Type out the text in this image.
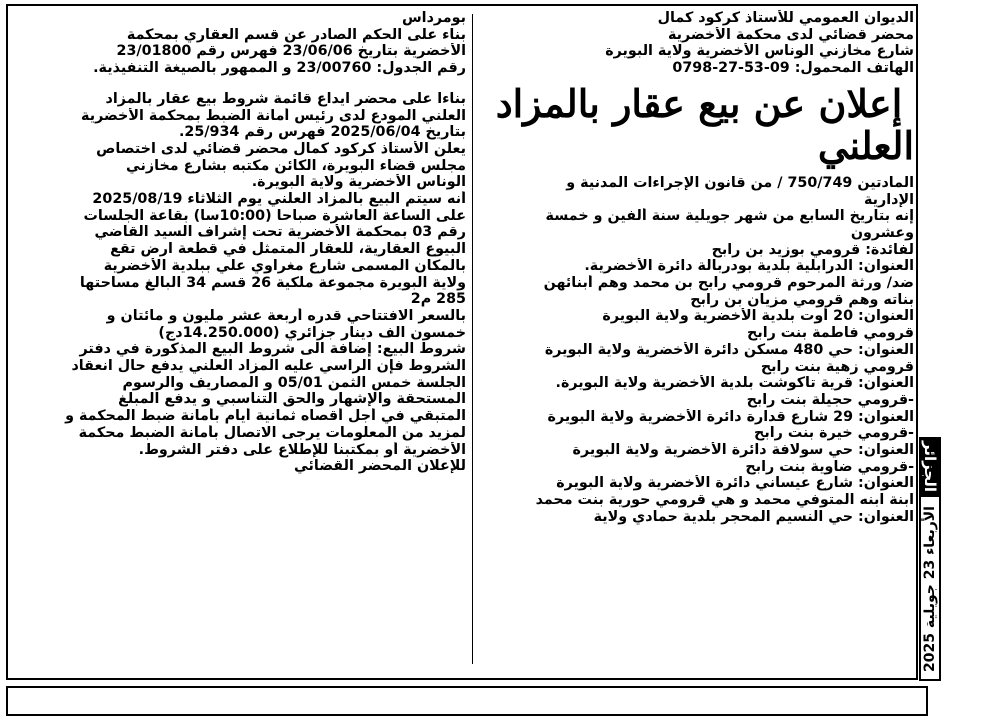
الديوان العمومي للأستاذ كركود كمال
محضر قضائي لدى محكمة الأخضرية
شارع مخازني الوناس الأخضرية ولاية البويرة
الهاتف المحمول: 09-53-27-0798
إعلان عن بيع عقار بالمزاد العلني
المادتين 750/749 / من قانون الإجراءات المدنية و
الإدارية
إنه بتاريخ السابع من شهر جويلية سنة ألفين و خمسة
وعشرون
لفائدة: قرومي بوزيد بن رابح
العنوان: الدرابلية بلدية بودربالة دائرة الأخضرية.
ضد/ ورثة المرحوم قرومي رابح بن محمد وهم أبنائهن
بناته وهم قرومي مزيان بن رابح
العنوان: 20 أوت بلدية الأخضرية ولاية البويرة
قرومي فاطمة بنت رابح
العنوان: حي 480 مسكن دائرة الأخضرية ولاية البويرة
قرومي زهية بنت رابح
العنوان: قرية تاكوشت بلدية الأخضرية ولاية البويرة.
-قرومي حجيلة بنت رابح
العنوان: 29 شارع قدارة دائرة الأخضرية ولاية البويرة
-قرومي خيرة بنت رابح
العنوان: حي سولافة دائرة الأخضرية ولاية البويرة
-قرومي ضاوية بنت رابح
العنوان: شارع عيساني دائرة الأخضرية ولاية البويرة
ابنة ابنه المتوفي محمد و هي قرومي حورية بنت محمد
العنوان: حي النسيم المحجر بلدية حمادي ولاية
بومرداس
بناء على الحكم الصادر عن قسم العقاري بمحكمة
الأخضرية بتاريخ 23/06/06 فهرس رقم 23/01800
رقم الجدول: 23/00760 و الممهور بالصيغة التنفيذية.
بناءا على محضر ايداع قائمة شروط بيع عقار بالمزاد
العلني المودع لدى رئيس أمانة الضبط بمحكمة الأخضرية
بتاريخ 2025/06/04 فهرس رقم 25/934.
يعلن الأستاذ كركود كمال محضر قضائي لدى اختصاص
مجلس قضاء البويرة، الكائن مكتبه بشارع مخازني
الوناس الأخضرية ولاية البويرة.
أنه سيتم البيع بالمزاد العلني يوم الثلاثاء 2025/08/19
على الساعة العاشرة صباحا (10:00سا) بقاعة الجلسات
رقم 03 بمحكمة الأخضرية تحت إشراف السيد القاضي
البيوع العقارية، للعقار المتمثل في قطعة ارض تقع
بالمكان المسمى شارع مغراوي علي ببلدية الأخضرية
ولاية البويرة مجموعة ملكية 26 قسم 34 البالغ مساحتها
285 م2
بالسعر الافتتاحي قدره أربعة عشر مليون و مائتان و
خمسون الف دينار جزائري (14.250.000دج)
شروط البيع: إضافة الى شروط البيع المذكورة في دفتر
الشروط فإن الراسي عليه المزاد العلني يدفع حال انعقاد
الجلسة خمس الثمن 05/01 و المصاريف والرسوم
المستحقة والإشهار والحق التناسبي و يدفع المبلغ
المتبقي في أجل أقصاه ثمانية أيام بأمانة ضبط المحكمة و
لمزيد من المعلومات يرجى الاتصال بأمانة الضبط محكمة
الأخضرية أو بمكتبنا للإطلاع على دفتر الشروط.
للإعلان المحضر القضائي	الجزائر
الأربعاء 23 جويلية 2025
